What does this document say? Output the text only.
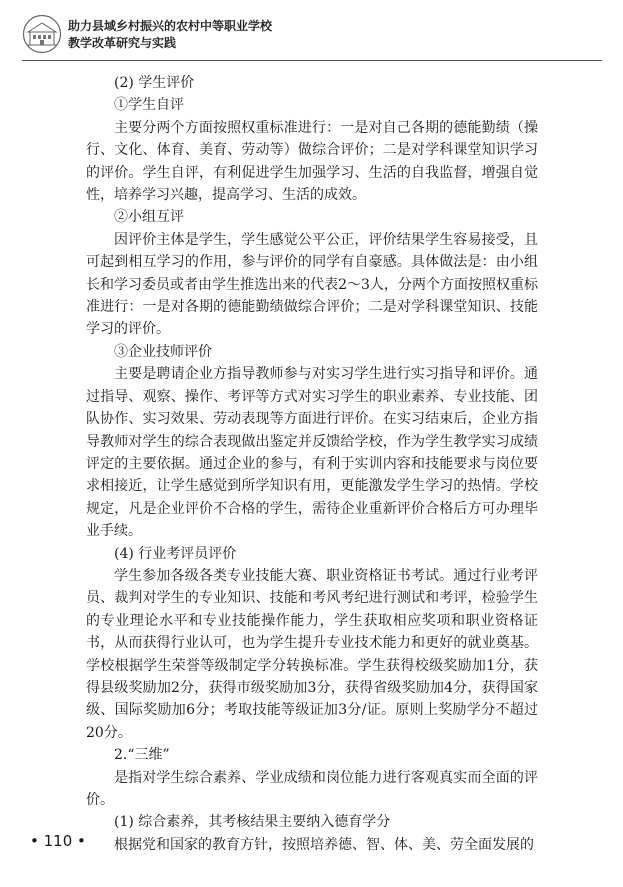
助力县域乡村振兴的农村中等职业学校
教学改革研究与实践

(2) 学生评价

①学生自评

主要分两个方面按照权重标准进行：一是对自己各期的德能勤绩（操行、文化、体育、美育、劳动等）做综合评价；二是对学科课堂知识学习的评价。学生自评，有利促进学生加强学习、生活的自我监督，增强自觉性，培养学习兴趣，提高学习、生活的成效。

②小组互评

因评价主体是学生，学生感觉公平公正，评价结果学生容易接受，且可起到相互学习的作用，参与评价的同学有自豪感。具体做法是：由小组长和学习委员或者由学生推选出来的代表2～3人，分两个方面按照权重标准进行：一是对各期的德能勤绩做综合评价；二是对学科课堂知识、技能学习的评价。

③企业技师评价

主要是聘请企业方指导教师参与对实习学生进行实习指导和评价。通过指导、观察、操作、考评等方式对实习学生的职业素养、专业技能、团队协作、实习效果、劳动表现等方面进行评价。在实习结束后，企业方指导教师对学生的综合表现做出鉴定并反馈给学校，作为学生教学实习成绩评定的主要依据。通过企业的参与，有利于实训内容和技能要求与岗位要求相接近，让学生感觉到所学知识有用，更能激发学生学习的热情。学校规定，凡是企业评价不合格的学生，需待企业重新评价合格后方可办理毕业手续。

(4) 行业考评员评价

学生参加各级各类专业技能大赛、职业资格证书考试。通过行业考评员、裁判对学生的专业知识、技能和考风考纪进行测试和考评，检验学生的专业理论水平和专业技能操作能力，学生获取相应奖项和职业资格证书，从而获得行业认可，也为学生提升专业技术能力和更好的就业奠基。学校根据学生荣誉等级制定学分转换标准。学生获得校级奖励加1分，获得县级奖励加2分，获得市级奖励加3分，获得省级奖励加4分，获得国家级、国际奖励加6分；考取技能等级证加3分/证。原则上奖励学分不超过20分。

2.“三维”

是指对学生综合素养、学业成绩和岗位能力进行客观真实而全面的评价。

(1) 综合素养，其考核结果主要纳入德育学分

根据党和国家的教育方针，按照培养德、智、体、美、劳全面发展的

• 110 •
